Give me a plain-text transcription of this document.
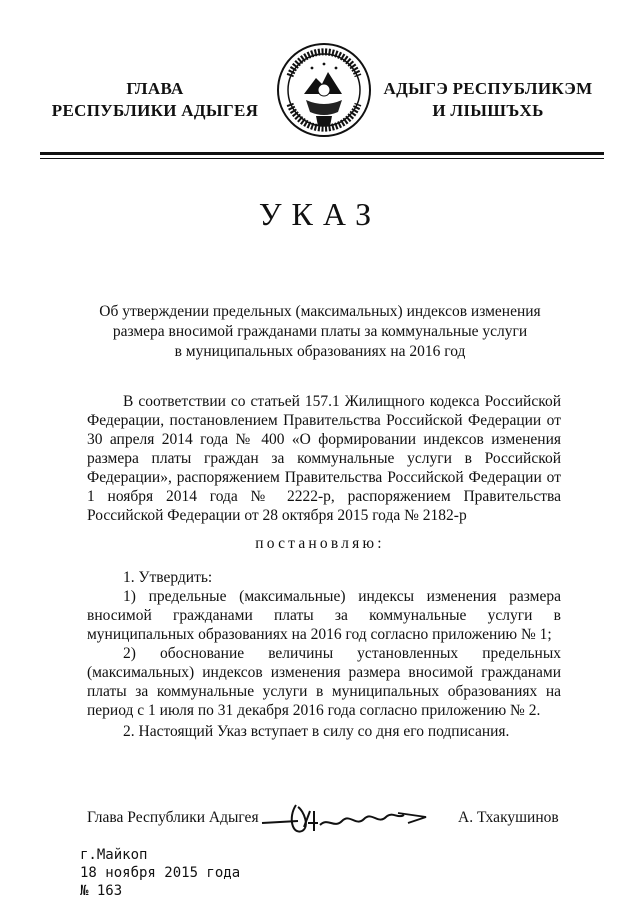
ГЛАВА
РЕСПУБЛИКИ АДЫГЕЯ
АДЫГЭ РЕСПУБЛИКЭМ
И ЛІЫШЪХЬ
УКАЗ
Об утверждении предельных (максимальных) индексов изменения
размера вносимой гражданами платы за коммунальные услуги
в муниципальных образованиях на 2016 год
В соответствии со статьей 157.1 Жилищного кодекса Российской Федерации, постановлением Правительства Российской Федерации от 30 апреля 2014 года № 400 «О формировании индексов изменения размера платы граждан за коммунальные услуги в Российской Федерации», распоряжением Правительства Российской Федерации от 1 ноября 2014 года № 2222-р, распоряжением Правительства Российской Федерации от 28 октября 2015 года № 2182-р
постановляю:
1. Утвердить:
1) предельные (максимальные) индексы изменения размера вносимой гражданами платы за коммунальные услуги в муниципальных образованиях на 2016 год согласно приложению № 1;
2) обоснование величины установленных предельных (максимальных) индексов изменения размера вносимой гражданами платы за коммунальные услуги в муниципальных образованиях на период с 1 июля по 31 декабря 2016 года согласно приложению № 2.
2. Настоящий Указ вступает в силу со дня его подписания.
Глава Республики Адыгея	А. Тхакушинов
г.Майкоп
18 ноября 2015 года
№ 163
